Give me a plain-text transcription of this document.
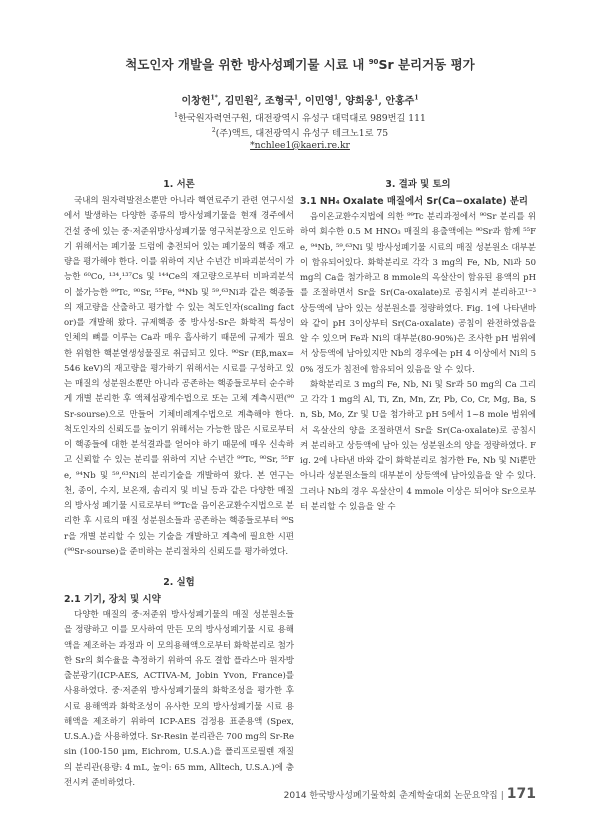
척도인자 개발을 위한 방사성폐기물 시료 내 $^{90}$Sr 분리거동 평가
이창헌$^{1*}$, 김민원$^2$, 조형국$^1$, 이민영$^1$, 양희웅$^1$, 안홍주$^1$
$^1$한국원자력연구원, 대전광역시 유성구 대덕대로 989번길 111
$^2$(주)액트, 대전광역시 유성구 테크노1로 75
*nchlee1@kaeri.re.kr
1. 서론

국내의 원자력발전소뿐만 아니라 핵연료주기 관련 연구시설에서 발생하는 다양한 종류의 방사성폐기물을 현재 경주에서 건설 중에 있는 중·저준위방사성폐기물 영구처분장으로 인도하기 위해서는 폐기물 드럼에 충전되어 있는 폐기물의 핵종 재고량을 평가해야 한다. 이를 위하여 지난 수년간 비파괴분석이 가능한 ⁶⁰Co, ¹³⁴,¹³⁷Cs 및 ¹⁴⁴Ce의 재고량으로부터 비파괴분석이 불가능한 ⁹⁹Tc, ⁹⁰Sr, ⁵⁵Fe, ⁹⁴Nb 및 ⁵⁹,⁶³Ni과 같은 핵종들의 재고량을 산출하고 평가할 수 있는 척도인자(scaling factor)를 개발해 왔다. 규제핵종 중 방사성-Sr은 화학적 특성이 인체의 뼈를 이루는 Ca과 매우 흡사하기 때문에 규제가 필요한 위험한 핵분열생성물질로 취급되고 있다. ⁹⁰Sr (Eβ,max=546 keV)의 재고량을 평가하기 위해서는 시료를 구성하고 있는 매질의 성분원소뿐만 아니라 공존하는 핵종들로부터 순수하게 개별 분리한 후 액체섬광계수법으로 또는 고체 계측시편(⁹⁰Sr-sourse)으로 만들어 기체비례계수법으로 계측해야 한다. 척도인자의 신뢰도를 높이기 위해서는 가능한 많은 시료로부터 이 핵종들에 대한 분석결과를 얻어야 하기 때문에 매우 신속하고 신뢰할 수 있는 분리를 위하여 지난 수년간 ⁹⁹Tc, ⁹⁰Sr, ⁵⁵Fe, ⁹⁴Nb 및 ⁵⁹,⁶³Ni의 분리기술을 개발하여 왔다. 본 연구는 천, 종이, 수지, 보온재, 솜리지 및 비닐 등과 같은 다양한 매질의 방사성 폐기물 시료로부터 ⁹⁹Tc을 음이온교환수지법으로 분리한 후 시료의 매질 성분원소들과 공존하는 핵종들로부터 ⁹⁰Sr을 개별 분리할 수 있는 기술을 개발하고 계측에 필요한 시편(⁹⁰Sr-sourse)을 준비하는 분리절차의 신뢰도를 평가하였다.

2. 실험
2.1 기기, 장치 및 시약

다양한 매질의 중·저준위 방사성폐기물의 매질 성분원소들을 정량하고 이를 모사하여 만든 모의 방사성폐기물 시료 용해액을 제조하는 과정과 이 모의용해액으로부터 화학분리로 첨가한 Sr의 회수율을 측정하기 위하여 유도 결합 플라스마 원자방출분광기(ICP-AES, ACTIVA-M, Jobin Yvon, France)를 사용하였다. 중·저준위 방사성폐기물의 화학조성을 평가한 후 시료 용해액과 화학조성이 유사한 모의 방사성폐기물 시료 용해액을 제조하기 위하여 ICP-AES 검정용 표준용액 (Spex, U.S.A.)을 사용하였다. Sr-Resin 분리관은 700 mg의 Sr-Resin (100-150 μm, Eichrom, U.S.A.)을 폴리프로필렌 재질의 분리관(용량: 4 mL, 높이: 65 mm, Alltech, U.S.A.)에 충전시켜 준비하였다.

3. 결과 및 토의
3.1 NH₄ Oxalate 매질에서 Sr(Ca−oxalate) 분리

음이온교환수지법에 의한 ⁹⁹Tc 분리과정에서 ⁹⁰Sr 분리를 위하여 회수한 0.5 M HNO₃ 매질의 용출액에는 ⁹⁰Sr과 함께 ⁵⁵Fe, ⁹⁴Nb, ⁵⁹,⁶³Ni 및 방사성폐기물 시료의 매질 성분원소 대부분이 함유되어있다. 화학분리로 각각 3 mg의 Fe, Nb, Ni과 50 mg의 Ca을 첨가하고 8 mmole의 옥살산이 함유된 용액의 pH를 조절하면서 Sr을 Sr(Ca-oxalate)로 공침시켜 분리하고¹⁻³ 상등액에 남아 있는 성분원소를 정량하였다. Fig. 1에 나타낸바와 같이 pH 3이상부터 Sr(Ca-oxalate) 공침이 완전하였음을 알 수 있으며 Fe과 Ni의 대부분(80-90%)은 조사한 pH 범위에서 상등액에 남아있지만 Nb의 경우에는 pH 4 이상에서 Ni의 50% 정도가 침전에 함유되어 있음을 알 수 있다.

화학분리로 3 mg의 Fe, Nb, Ni 및 Sr과 50 mg의 Ca 그리고 각각 1 mg의 Al, Ti, Zn, Mn, Zr, Pb, Co, Cr, Mg, Ba, Sn, Sb, Mo, Zr 및 U을 첨가하고 pH 5에서 1~8 mole 범위에서 옥살산의 양을 조절하면서 Sr을 Sr(Ca-oxalate)로 공침시켜 분리하고 상등액에 남아 있는 성분원소의 양을 정량하였다. Fig. 2에 나타낸 바와 같이 화학분리로 첨가한 Fe, Nb 및 Ni뿐만 아니라 성분원소들의 대부분이 상등액에 남아있음을 알 수 있다. 그러나 Nb의 경우 옥살산이 4 mmole 이상은 되어야 Sr으로부터 분리할 수 있음을 알 수

2014 한국방사성폐기물학회 춘계학술대회 논문요약집 | 171
